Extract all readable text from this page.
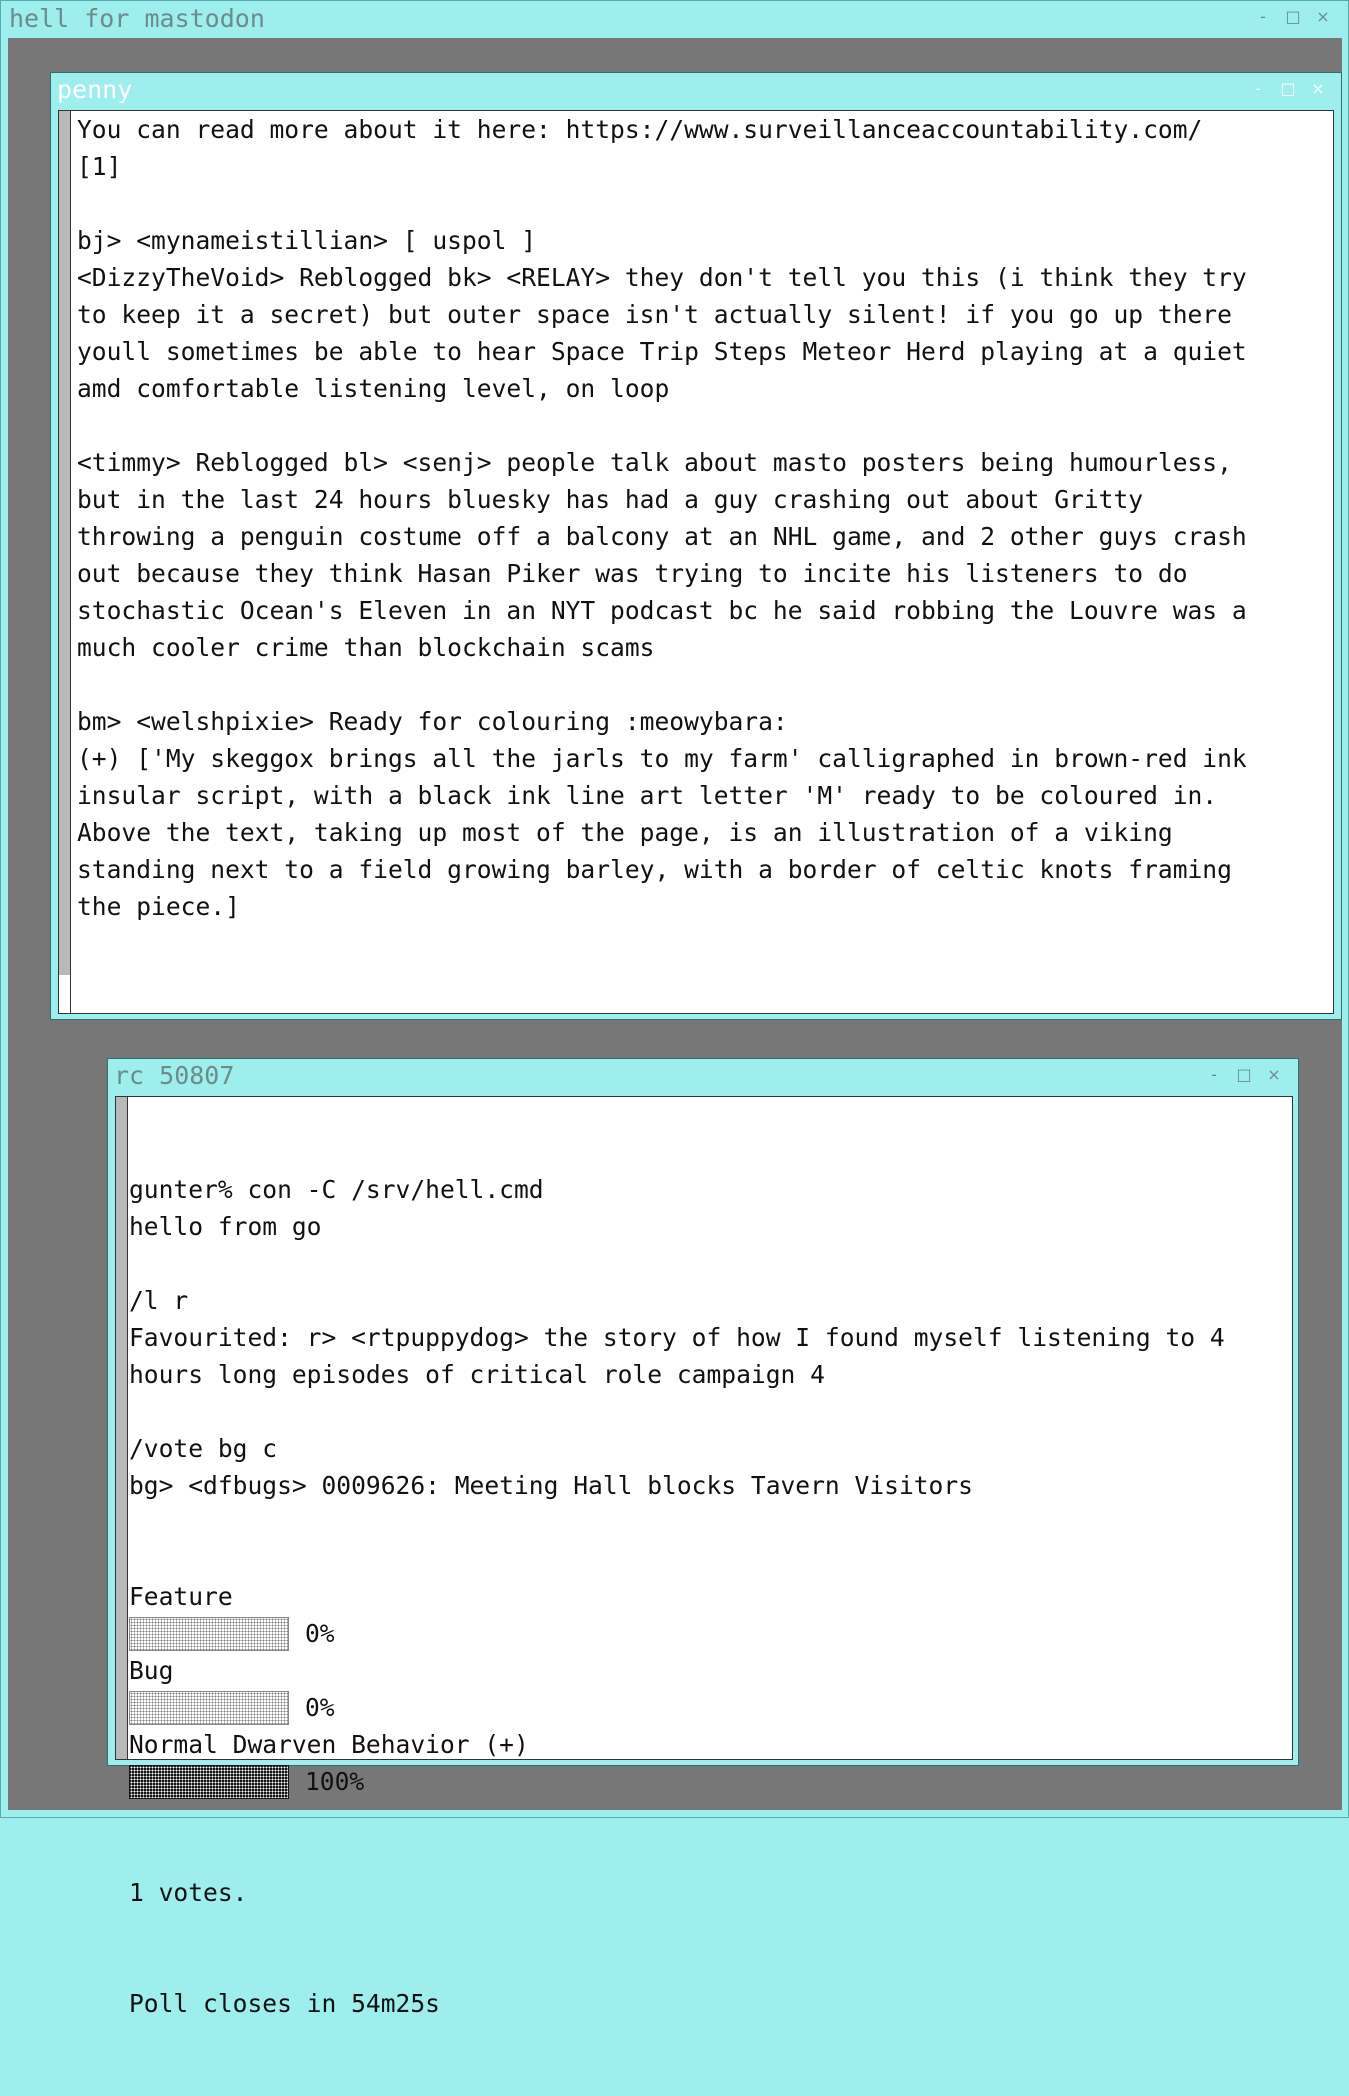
hell for mastodon	-	□ ×
penny	-	□ ×
You can read more about it here: https://www.surveillanceaccountability.com/
[1]
bj> <mynameistillian> [ uspol ]
<DizzyTheVoid> Reblogged bk> <RELAY> they don't tell you this (i think they try
to keep it a secret) but outer space isn't actually silent! if you go up there
youll sometimes be able to hear Space Trip Steps Meteor Herd playing at a quiet
amd comfortable listening level, on loop
<timmy> Reblogged bl> <senj> people talk about masto posters being humourless,
but in the last 24 hours bluesky has had a guy crashing out about Gritty
throwing a penguin costume off a balcony at an NHL game, and 2 other guys crash
out because they think Hasan Piker was trying to incite his listeners to do
stochastic Ocean's Eleven in an NYT podcast bc he said robbing the Louvre was a
much cooler crime than blockchain scams
bm> <welshpixie> Ready for colouring :meowybara:
(+) ['My skeggox brings all the jarls to my farm' calligraphed in brown-red ink
insular script, with a black ink line art letter 'M' ready to be coloured in.
Above the text, taking up most of the page, is an illustration of a viking
standing next to a field growing barley, with a border of celtic knots framing
the piece.]
rc 50807	-	□ ×

gunter% con -C /srv/hell.cmd
hello from go
/l r
Favourited: r> <rtpuppydog> the story of how I found myself listening to 4
hours long episodes of critical role campaign 4
/vote bg c
bg> <dfbugs> 0009626: Meeting Hall blocks Tavern Visitors

Feature
0%
Bug
0%
Normal Dwarven Behavior (+)
100%

1 votes.

Poll closes in 54m25s
